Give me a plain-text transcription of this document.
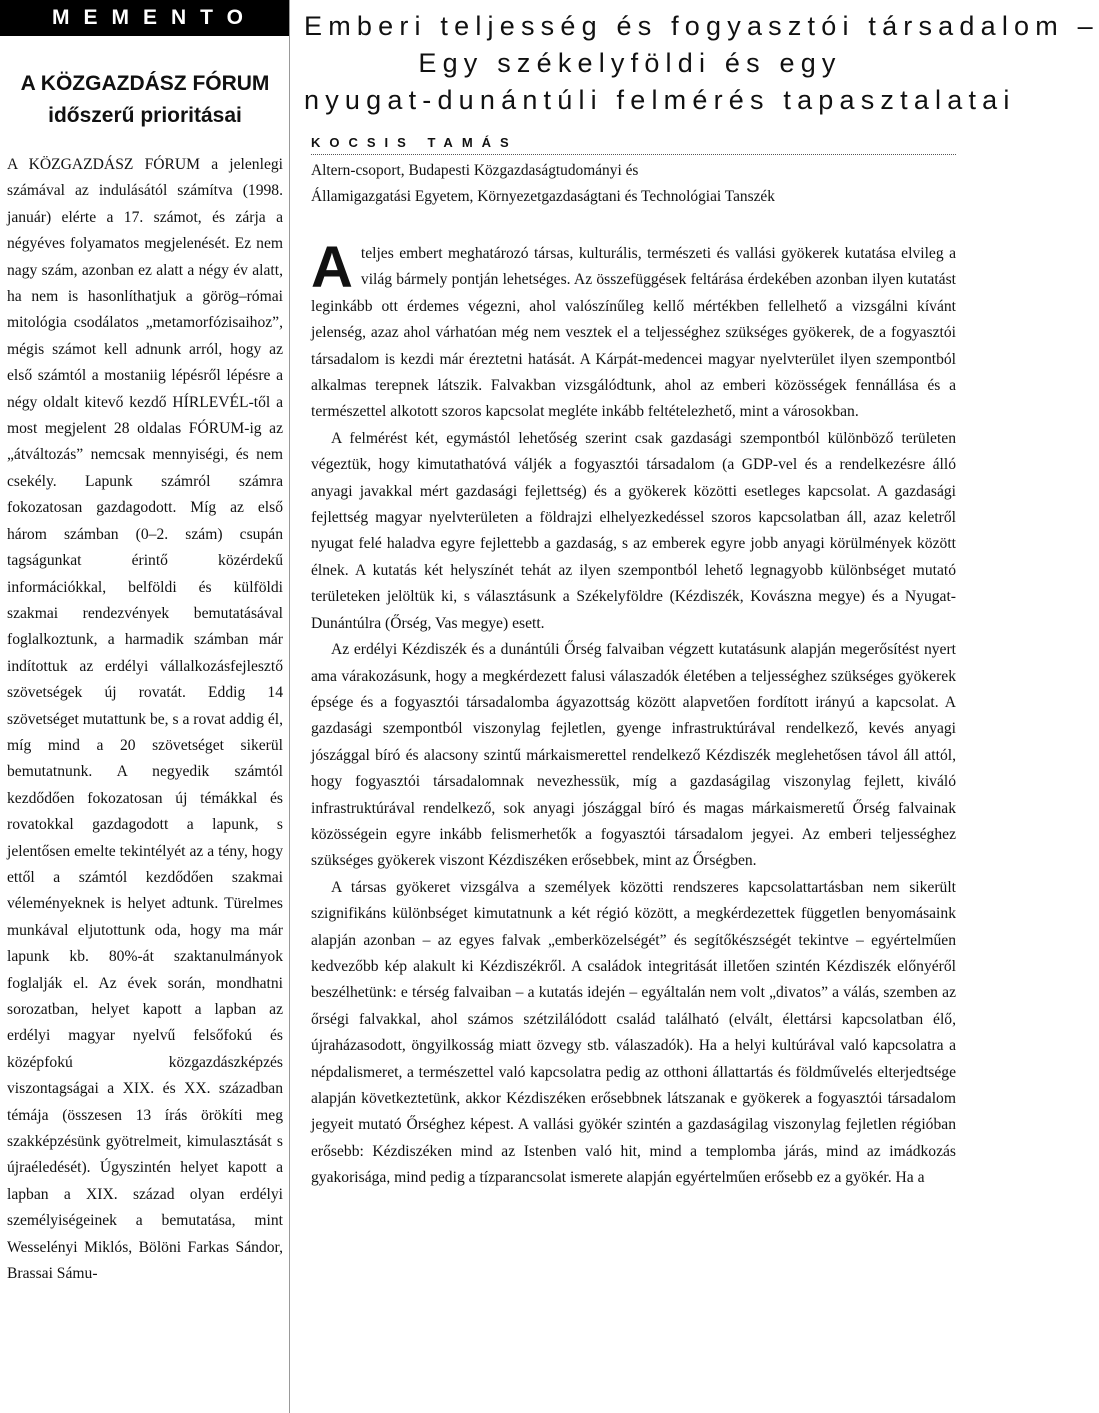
MEMENTO
A KÖZGAZDÁSZ FÓRUM
időszerű prioritásai
A KÖZGAZDÁSZ FÓRUM a jelenlegi számával az indulásától számítva (1998. január) elérte a 17. számot, és zárja a négyéves folyamatos megjelenését. Ez nem nagy szám, azonban ez alatt a négy év alatt, ha nem is hasonlíthatjuk a görög–római mitológia csodálatos „metamorfózisaihoz”, mégis számot kell adnunk arról, hogy az első számtól a mostaniig lépésről lépésre a négy oldalt kitevő kezdő HÍRLEVÉL-től a most megjelent 28 oldalas FÓRUM-ig az „átváltozás” nemcsak mennyiségi, és nem csekély. Lapunk számról számra fokozatosan gazdagodott. Míg az első három számban (0–2. szám) csupán tagságunkat érintő közérdekű információkkal, belföldi és külföldi szakmai rendezvények bemutatásával foglalkoztunk, a harmadik számban már indítottuk az erdélyi vállalkozásfejlesztő szövetségek új rovatát. Eddig 14 szövetséget mutattunk be, s a rovat addig él, míg mind a 20 szövetséget sikerül bemutatnunk. A negyedik számtól kezdődően fokozatosan új témákkal és rovatokkal gazdagodott a lapunk, s jelentősen emelte tekintélyét az a tény, hogy ettől a számtól kezdődően szakmai véleményeknek is helyet adtunk. Türelmes munkával eljutottunk oda, hogy ma már lapunk kb. 80%-át szaktanulmányok foglalják el. Az évek során, mondhatni sorozatban, helyet kapott a lapban az erdélyi magyar nyelvű felsőfokú és középfokú közgazdászképzés viszontagságai a XIX. és XX. században témája (összesen 13 írás örökíti meg szakképzésünk gyötrelmeit, kimulasztását s újraéledését). Úgyszintén helyet kapott a lapban a XIX. század olyan erdélyi személyiségeinek a bemutatása, mint Wesselényi Miklós, Bölöni Farkas Sándor, Brassai Sámu-
Emberi teljesség és fogyasztói társadalom –
Egy székelyföldi és egy
nyugat-dunántúli felmérés tapasztalatai
KOCSIS TAMÁS
Altern-csoport, Budapesti Közgazdaságtudományi és
Államigazgatási Egyetem, Környezetgazdaságtani és Technológiai Tanszék

Ateljes embert meghatározó társas, kulturális, természeti és vallási gyökerek kutatása elvileg a világ bármely pontján lehetséges. Az összefüggések feltárása érdekében azonban ilyen kutatást leginkább ott érdemes végezni, ahol valószínűleg kellő mértékben fellelhető a vizsgálni kívánt jelenség, azaz ahol várhatóan még nem vesztek el a teljességhez szükséges gyökerek, de a fogyasztói társadalom is kezdi már éreztetni hatását. A Kárpát-medencei magyar nyelvterület ilyen szempontból alkalmas terepnek látszik. Falvakban vizsgálódtunk, ahol az emberi közösségek fennállása és a természettel alkotott szoros kapcsolat megléte inkább feltételezhető, mint a városokban.

A felmérést két, egymástól lehetőség szerint csak gazdasági szempontból különböző területen végeztük, hogy kimutathatóvá váljék a fogyasztói társadalom (a GDP-vel és a rendelkezésre álló anyagi javakkal mért gazdasági fejlettség) és a gyökerek közötti esetleges kapcsolat. A gazdasági fejlettség magyar nyelvterületen a földrajzi elhelyezkedéssel szoros kapcsolatban áll, azaz keletről nyugat felé haladva egyre fejlettebb a gazdaság, s az emberek egyre jobb anyagi körülmények között élnek. A kutatás két helyszínét tehát az ilyen szempontból lehető legnagyobb különbséget mutató területeken jelöltük ki, s választásunk a Székelyföldre (Kézdiszék, Kovászna megye) és a Nyugat-Dunántúlra (Őrség, Vas megye) esett.

Az erdélyi Kézdiszék és a dunántúli Őrség falvaiban végzett kutatásunk alapján megerősítést nyert ama várakozásunk, hogy a megkérdezett falusi válaszadók életében a teljességhez szükséges gyökerek épsége és a fogyasztói társadalomba ágyazottság között alapvetően fordított irányú a kapcsolat. A gazdasági szempontból viszonylag fejletlen, gyenge infrastruktúrával rendelkező, kevés anyagi jószággal bíró és alacsony szintű márkaismerettel rendelkező Kézdiszék meglehetősen távol áll attól, hogy fogyasztói társadalomnak nevezhessük, míg a gazdaságilag viszonylag fejlett, kiváló infrastruktúrával rendelkező, sok anyagi jószággal bíró és magas márkaismeretű Őrség falvainak közösségein egyre inkább felismerhetők a fogyasztói társadalom jegyei. Az emberi teljességhez szükséges gyökerek viszont Kézdiszéken erősebbek, mint az Őrségben.

A társas gyökeret vizsgálva a személyek közötti rendszeres kapcsolattartásban nem sikerült szignifikáns különbséget kimutatnunk a két régió között, a megkérdezettek független benyomásaink alapján azonban – az egyes falvak „emberközelségét” és segítőkészségét tekintve – egyértelműen kedvezőbb kép alakult ki Kézdiszékről. A családok integritását illetően szintén Kézdiszék előnyéről beszélhetünk: e térség falvaiban – a kutatás idején – egyáltalán nem volt „divatos” a válás, szemben az őrségi falvakkal, ahol számos szétzilálódott család található (elvált, élettársi kapcsolatban élő, újraházasodott, öngyilkosság miatt özvegy stb. válaszadók). Ha a helyi kultúrával való kapcsolatra a népdalismeret, a természettel való kapcsolatra pedig az otthoni állattartás és földművelés elterjedtsége alapján következtetünk, akkor Kézdiszéken erősebbnek látszanak e gyökerek a fogyasztói társadalom jegyeit mutató Őrséghez képest. A vallási gyökér szintén a gazdaságilag viszonylag fejletlen régióban erősebb: Kézdiszéken mind az Istenben való hit, mind a templomba járás, mind az imádkozás gyakorisága, mind pedig a tízparancsolat ismerete alapján egyértelműen erősebb ez a gyökér. Ha a
